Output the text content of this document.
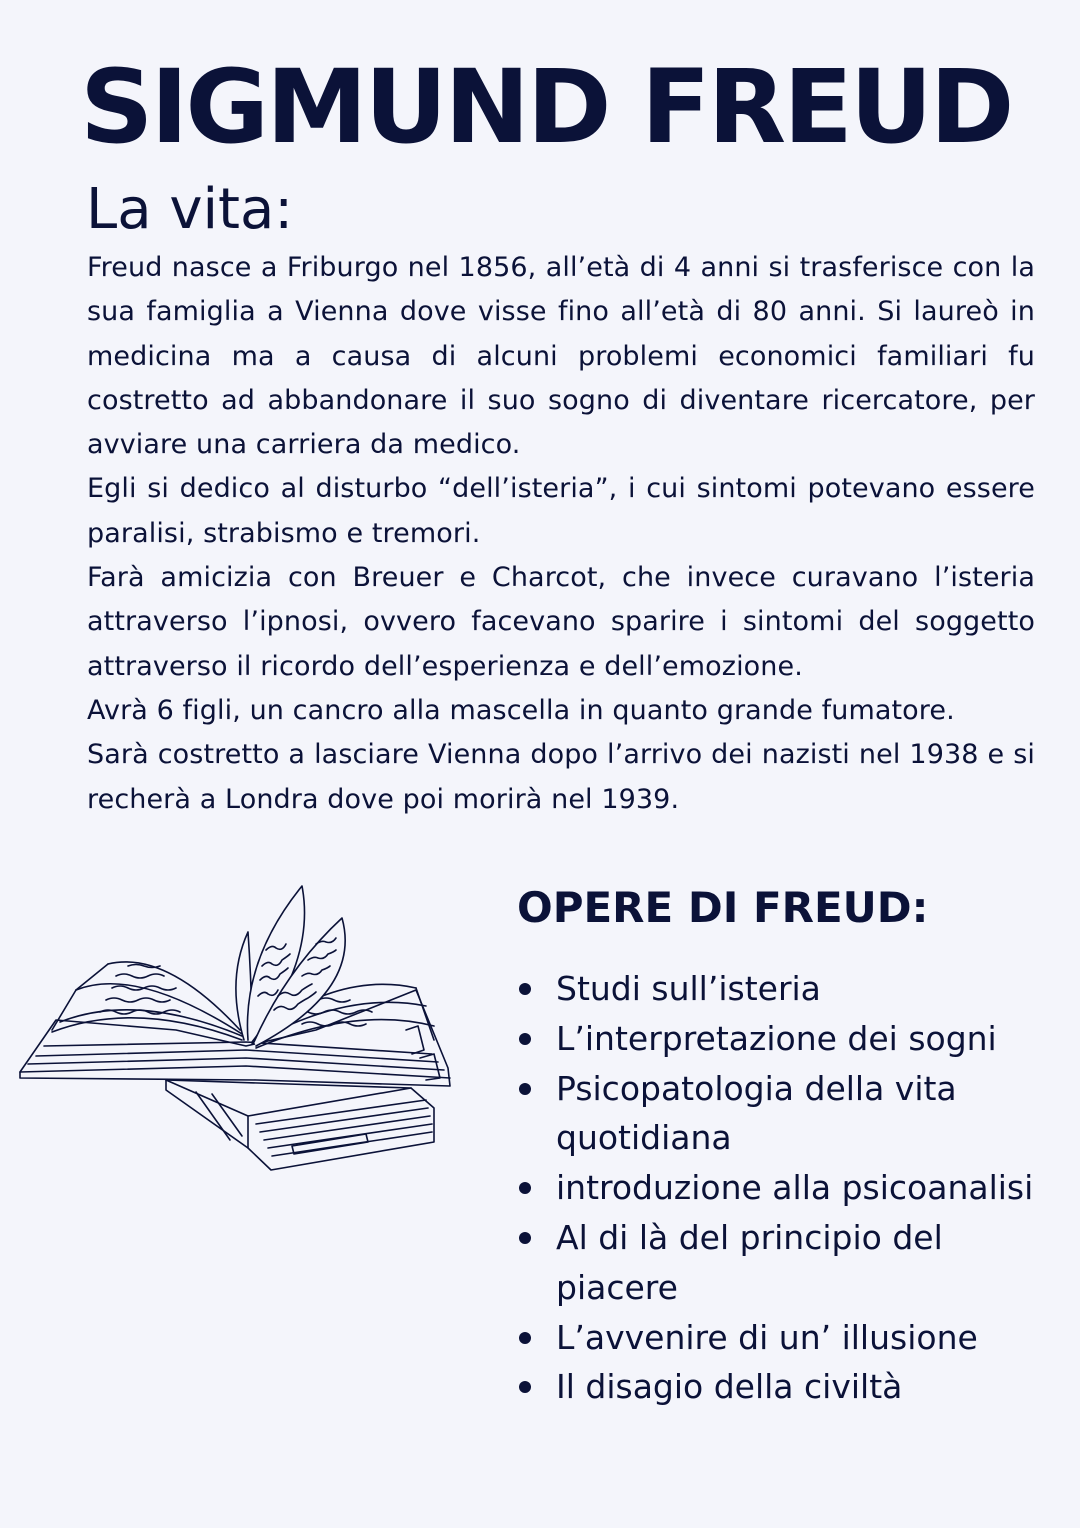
SIGMUND FREUD
La vita:

Freud nasce a Friburgo nel 1856, all’età di 4 anni si trasferisce con la sua famiglia a Vienna dove visse fino all’età di 80 anni. Si laureò in medicina ma a causa di alcuni problemi economici familiari fu costretto ad abbandonare il suo sogno di diventare ricercatore, per avviare una carriera da medico.

Egli si dedico al disturbo “dell’isteria”, i cui sintomi potevano essere paralisi, strabismo e tremori.

Farà amicizia con Breuer e Charcot, che invece curavano l’isteria attraverso l’ipnosi, ovvero facevano sparire i sintomi del soggetto attraverso il ricordo dell’esperienza e dell’emozione.

Avrà 6 figli, un cancro alla mascella in quanto grande fumatore.

Sarà costretto a lasciare Vienna dopo l’arrivo dei nazisti nel 1938 e si recherà a Londra dove poi morirà nel 1939.

OPERE DI FREUD:
Studi sull’isteria
L’interpretazione dei sogni
Psicopatologia della vita quotidiana
introduzione alla psicoanalisi
Al di là del principio del piacere
L’avvenire di un’ illusione
Il disagio della civiltà
